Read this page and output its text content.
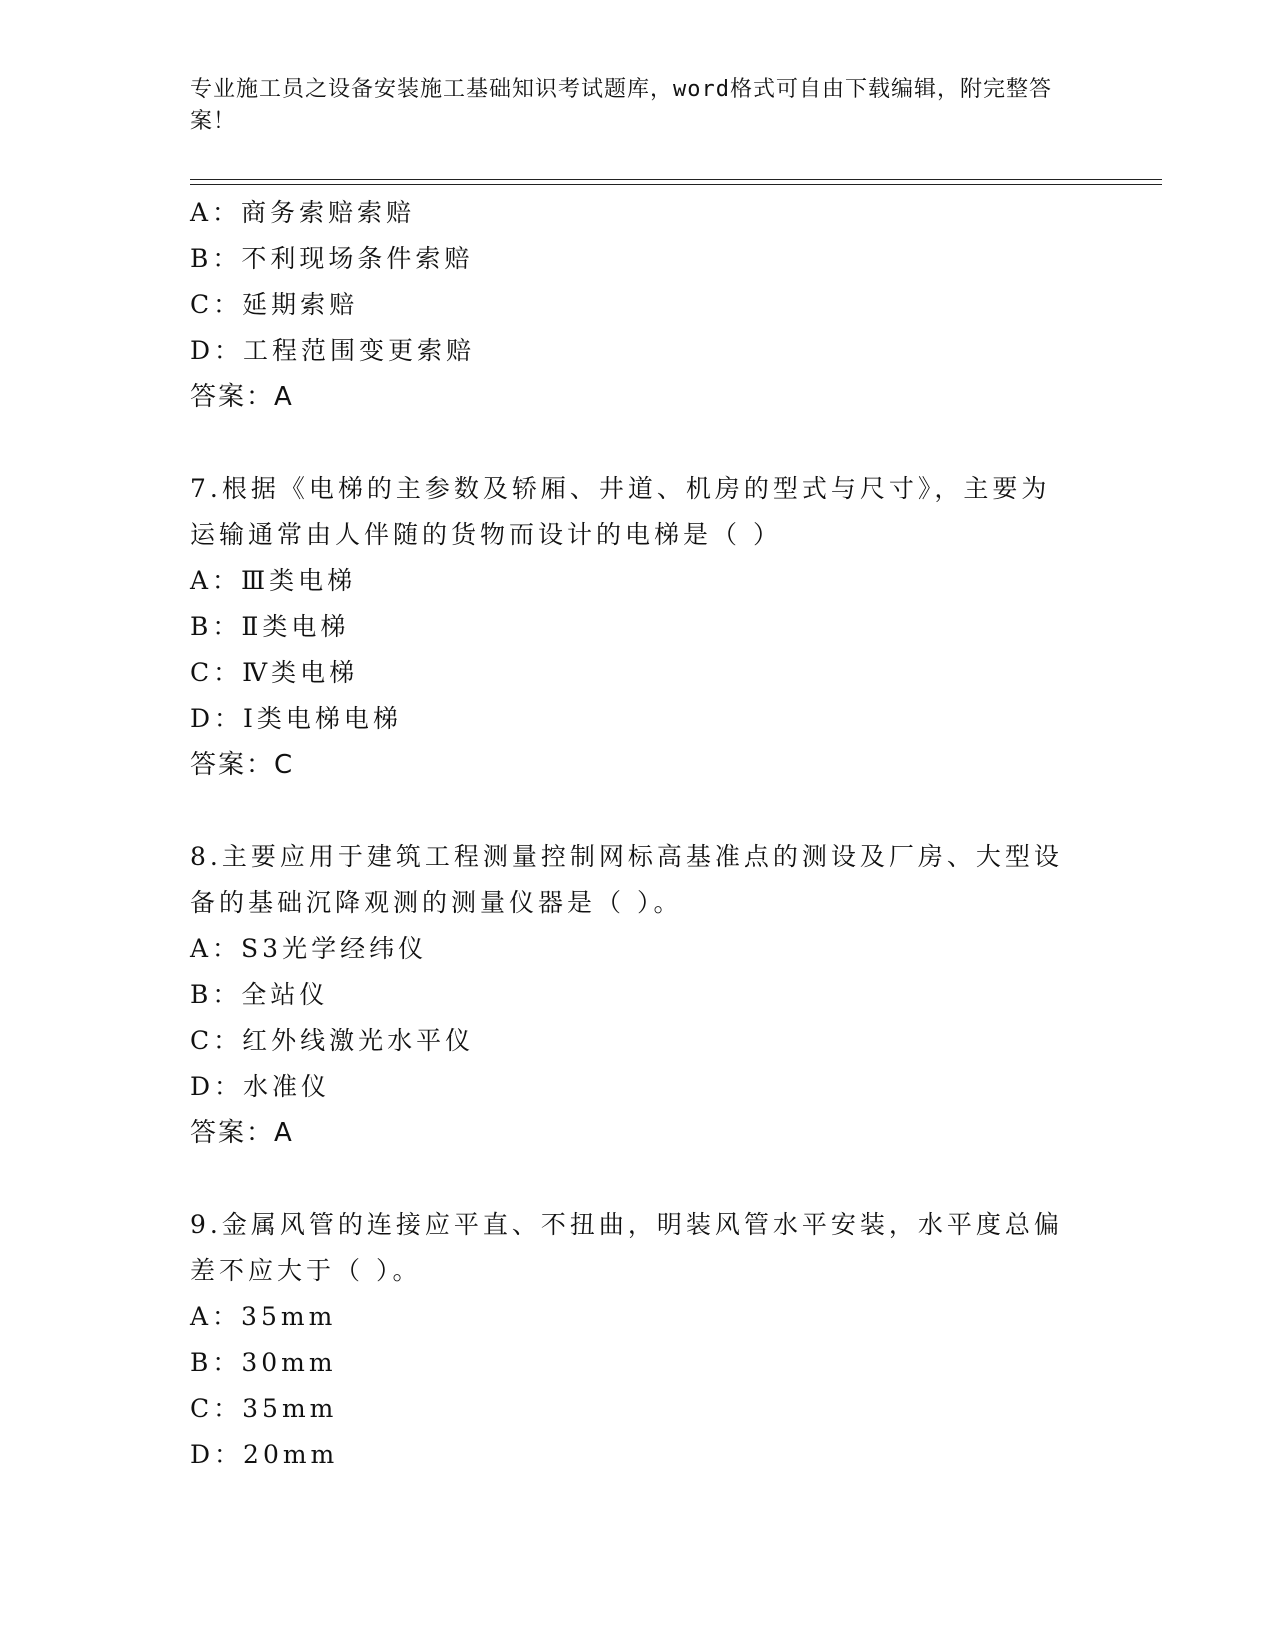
专业施工员之设备安装施工基础知识考试题库，word格式可自由下载编辑，附完整答案！
A：商务索赔索赔
B：不利现场条件索赔
C：延期索赔
D：工程范围变更索赔
答案：A
7.根据《电梯的主参数及轿厢、井道、机房的型式与尺寸》，主要为运输通常由人伴随的货物而设计的电梯是（ ）
A：Ⅲ类电梯
B：Ⅱ类电梯
C：Ⅳ类电梯
D：Ⅰ类电梯电梯
答案：C
8.主要应用于建筑工程测量控制网标高基准点的测设及厂房、大型设备的基础沉降观测的测量仪器是（ ）。
A：S3光学经纬仪
B：全站仪
C：红外线激光水平仪
D：水准仪
答案：A
9.金属风管的连接应平直、不扭曲，明装风管水平安装，水平度总偏差不应大于（ ）。
A：35mm
B：30mm
C：35mm
D：20mm
